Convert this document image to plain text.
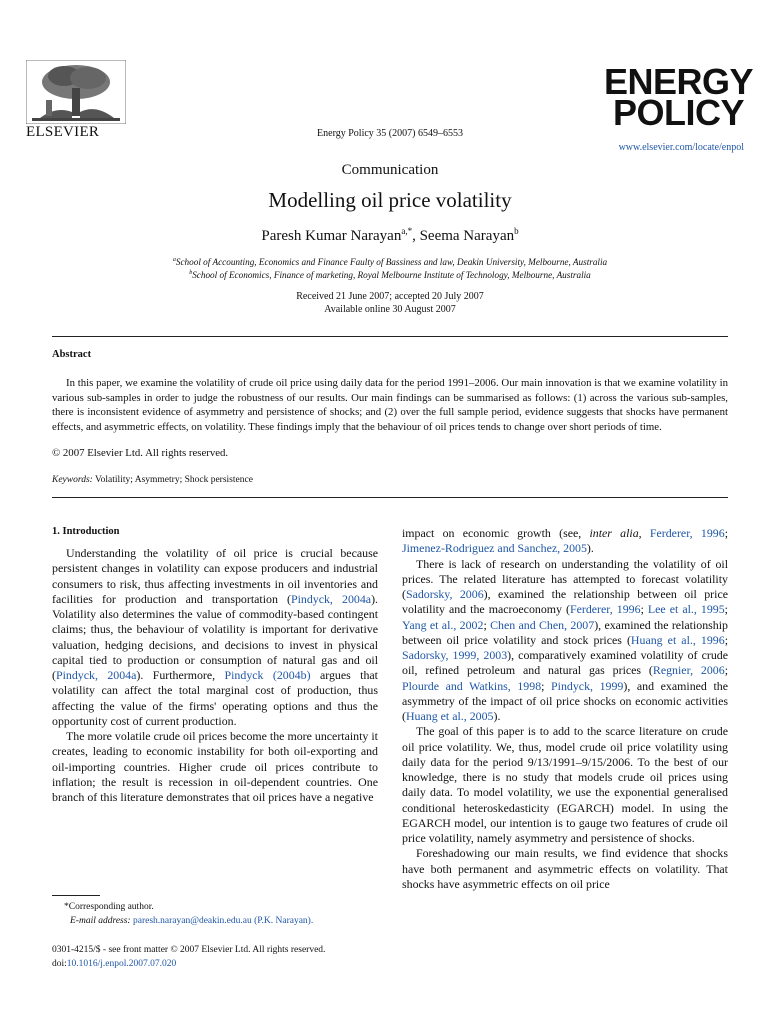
ELSEVIER	Energy Policy 35 (2007) 6549–6553
ENERGY
POLICY
www.elsevier.com/locate/enpol
Communication
Modelling oil price volatility
Paresh Kumar Narayan$^{a,*}$, Seema Narayan$^b$
$^a$School of Accounting, Economics and Finance Faulty of Bassiness and law, Deakin University, Melbourne, Australia
$^b$School of Economics, Finance of marketing, Royal Melbourne Institute of Technology, Melbourne, Australia
Received 21 June 2007; accepted 20 July 2007
Available online 30 August 2007
Abstract
In this paper, we examine the volatility of crude oil price using daily data for the period 1991–2006. Our main innovation is that we examine volatility in various sub-samples in order to judge the robustness of our results. Our main findings can be summarised as follows: (1) across the various sub-samples, there is inconsistent evidence of asymmetry and persistence of shocks; and (2) over the full sample period, evidence suggests that shocks have permanent effects, and asymmetric effects, on volatility. These findings imply that the behaviour of oil prices tends to change over short periods of time.
© 2007 Elsevier Ltd. All rights reserved.
Keywords: Volatility; Asymmetry; Shock persistence
1. Introduction

Understanding the volatility of oil price is crucial because persistent changes in volatility can expose producers and industrial consumers to risk, thus affecting investments in oil inventories and facilities for production and transportation (Pindyck, 2004a). Volatility also determines the value of commodity-based contingent claims; thus, the behaviour of volatility is important for derivative valuation, hedging decisions, and decisions to invest in physical capital tied to production or consumption of natural gas and oil (Pindyck, 2004a). Furthermore, Pindyck (2004b) argues that volatility can affect the total marginal cost of production, thus affecting the value of the firms' operating options and thus the opportunity cost of current production.

The more volatile crude oil prices become the more uncertainty it creates, leading to economic instability for both oil-exporting and oil-importing countries. Higher crude oil prices contribute to inflation; the result is recession in oil-dependent countries. One branch of this literature demonstrates that oil prices have a negative

impact on economic growth (see, inter alia, Ferderer, 1996; Jimenez-Rodriguez and Sanchez, 2005).

There is lack of research on understanding the volatility of oil prices. The related literature has attempted to forecast volatility (Sadorsky, 2006), examined the relationship between oil price volatility and the macroeconomy (Ferderer, 1996; Lee et al., 1995; Yang et al., 2002; Chen and Chen, 2007), examined the relationship between oil price volatility and stock prices (Huang et al., 1996; Sadorsky, 1999, 2003), comparatively examined volatility of crude oil, refined petroleum and natural gas prices (Regnier, 2006; Plourde and Watkins, 1998; Pindyck, 1999), and examined the asymmetry of the impact of oil price shocks on economic activities (Huang et al., 2005).

The goal of this paper is to add to the scarce literature on crude oil price volatility. We, thus, model crude oil price volatility using daily data for the period 9/13/1991–9/15/2006. To the best of our knowledge, there is no study that models crude oil prices using daily data. To model volatility, we use the exponential generalised conditional heteroskedasticity (EGARCH) model. In using the EGARCH model, our intention is to gauge two features of crude oil price volatility, namely asymmetry and persistence of shocks.

Foreshadowing our main results, we find evidence that shocks have both permanent and asymmetric effects on volatility. That shocks have asymmetric effects on oil price

*Corresponding author.
E-mail address: paresh.narayan@deakin.edu.au (P.K. Narayan).
0301-4215/$ - see front matter © 2007 Elsevier Ltd. All rights reserved.
doi:10.1016/j.enpol.2007.07.020
